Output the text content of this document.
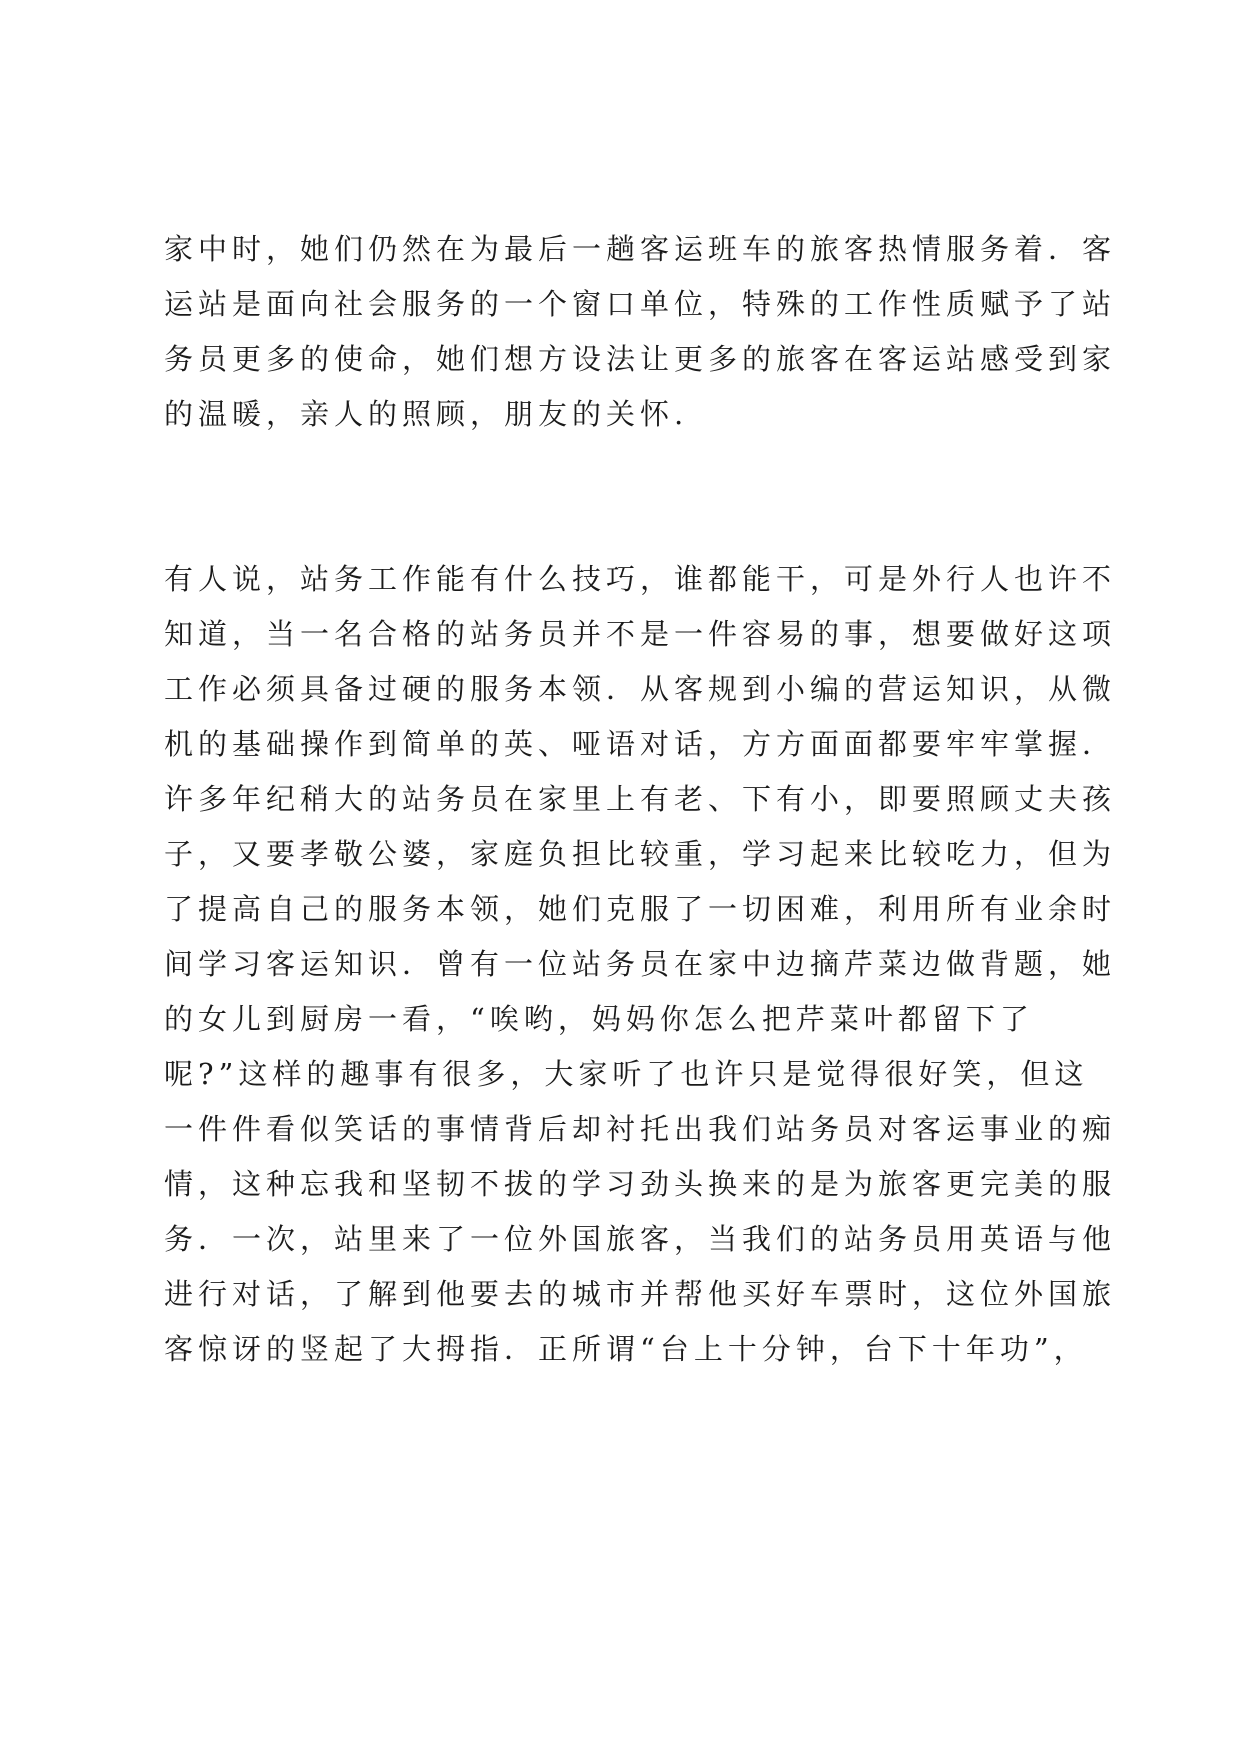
家中时，她们仍然在为最后一趟客运班车的旅客热情服务着．客
运站是面向社会服务的一个窗口单位，特殊的工作性质赋予了站
务员更多的使命，她们想方设法让更多的旅客在客运站感受到家
的温暖，亲人的照顾，朋友的关怀.
有人说，站务工作能有什么技巧，谁都能干，可是外行人也许不
知道，当一名合格的站务员并不是一件容易的事，想要做好这项
工作必须具备过硬的服务本领．从客规到小编的营运知识，从微
机的基础操作到简单的英、哑语对话，方方面面都要牢牢掌握．
许多年纪稍大的站务员在家里上有老、下有小，即要照顾丈夫孩
子，又要孝敬公婆，家庭负担比较重，学习起来比较吃力，但为
了提高自己的服务本领，她们克服了一切困难，利用所有业余时
间学习客运知识．曾有一位站务员在家中边摘芹菜边做背题，她
的女儿到厨房一看，“唉哟，妈妈你怎么把芹菜叶都留下了
呢?”这样的趣事有很多，大家听了也许只是觉得很好笑，但这
一件件看似笑话的事情背后却衬托出我们站务员对客运事业的痴
情，这种忘我和坚韧不拔的学习劲头换来的是为旅客更完美的服
务．一次，站里来了一位外国旅客，当我们的站务员用英语与他
进行对话，了解到他要去的城市并帮他买好车票时，这位外国旅
客惊讶的竖起了大拇指．正所谓“台上十分钟，台下十年功”，
